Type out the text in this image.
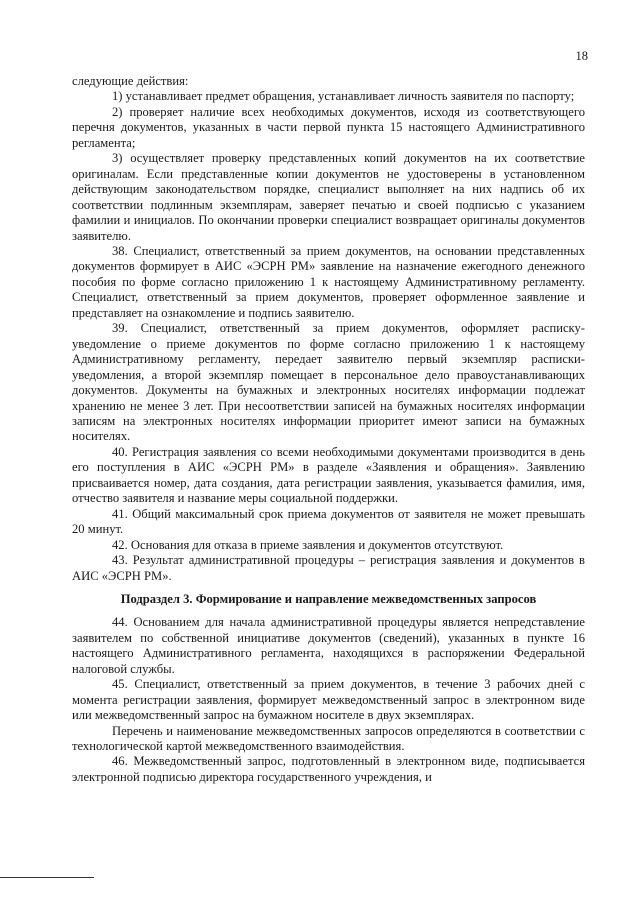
18

следующие действия:

1) устанавливает предмет обращения, устанавливает личность заявителя по паспорту;

2) проверяет наличие всех необходимых документов, исходя из соответствующего перечня документов, указанных в части первой пункта 15 настоящего Административного регламента;

3) осуществляет проверку представленных копий документов на их соответствие оригиналам. Если представленные копии документов не удостоверены в установленном действующим законодательством порядке, специалист выполняет на них надпись об их соответствии подлинным экземплярам, заверяет печатью и своей подписью с указанием фамилии и инициалов. По окончании проверки специалист возвращает оригиналы документов заявителю.

38. Специалист, ответственный за прием документов, на основании представленных документов формирует в АИС «ЭСРН РМ» заявление на назначение ежегодного денежного пособия по форме согласно приложению 1 к настоящему Административному регламенту. Специалист, ответственный за прием документов, проверяет оформленное заявление и представляет на ознакомление и подпись заявителю.

39. Специалист, ответственный за прием документов, оформляет расписку-уведомление о приеме документов по форме согласно приложению 1 к настоящему Административному регламенту, передает заявителю первый экземпляр расписки-уведомления, а второй экземпляр помещает в персональное дело правоустанавливающих документов. Документы на бумажных и электронных носителях информации подлежат хранению не менее 3 лет. При несоответствии записей на бумажных носителях информации записям на электронных носителях информации приоритет имеют записи на бумажных носителях.

40. Регистрация заявления со всеми необходимыми документами производится в день его поступления в АИС «ЭСРН РМ» в разделе «Заявления и обращения». Заявлению присваивается номер, дата создания, дата регистрации заявления, указывается фамилия, имя, отчество заявителя и название меры социальной поддержки.

41. Общий максимальный срок приема документов от заявителя не может превышать 20 минут.

42. Основания для отказа в приеме заявления и документов отсутствуют.

43. Результат административной процедуры – регистрация заявления и документов в АИС «ЭСРН РМ».

Подраздел 3. Формирование и направление межведомственных запросов

44. Основанием для начала административной процедуры является непредставление заявителем по собственной инициативе документов (сведений), указанных в пункте 16 настоящего Административного регламента, находящихся в распоряжении Федеральной налоговой службы.

45. Специалист, ответственный за прием документов, в течение 3 рабочих дней с момента регистрации заявления, формирует межведомственный запрос в электронном виде или межведомственный запрос на бумажном носителе в двух экземплярах.

Перечень и наименование межведомственных запросов определяются в соответствии с технологической картой межведомственного взаимодействия.

46. Межведомственный запрос, подготовленный в электронном виде, подписывается электронной подписью директора государственного учреждения, и
